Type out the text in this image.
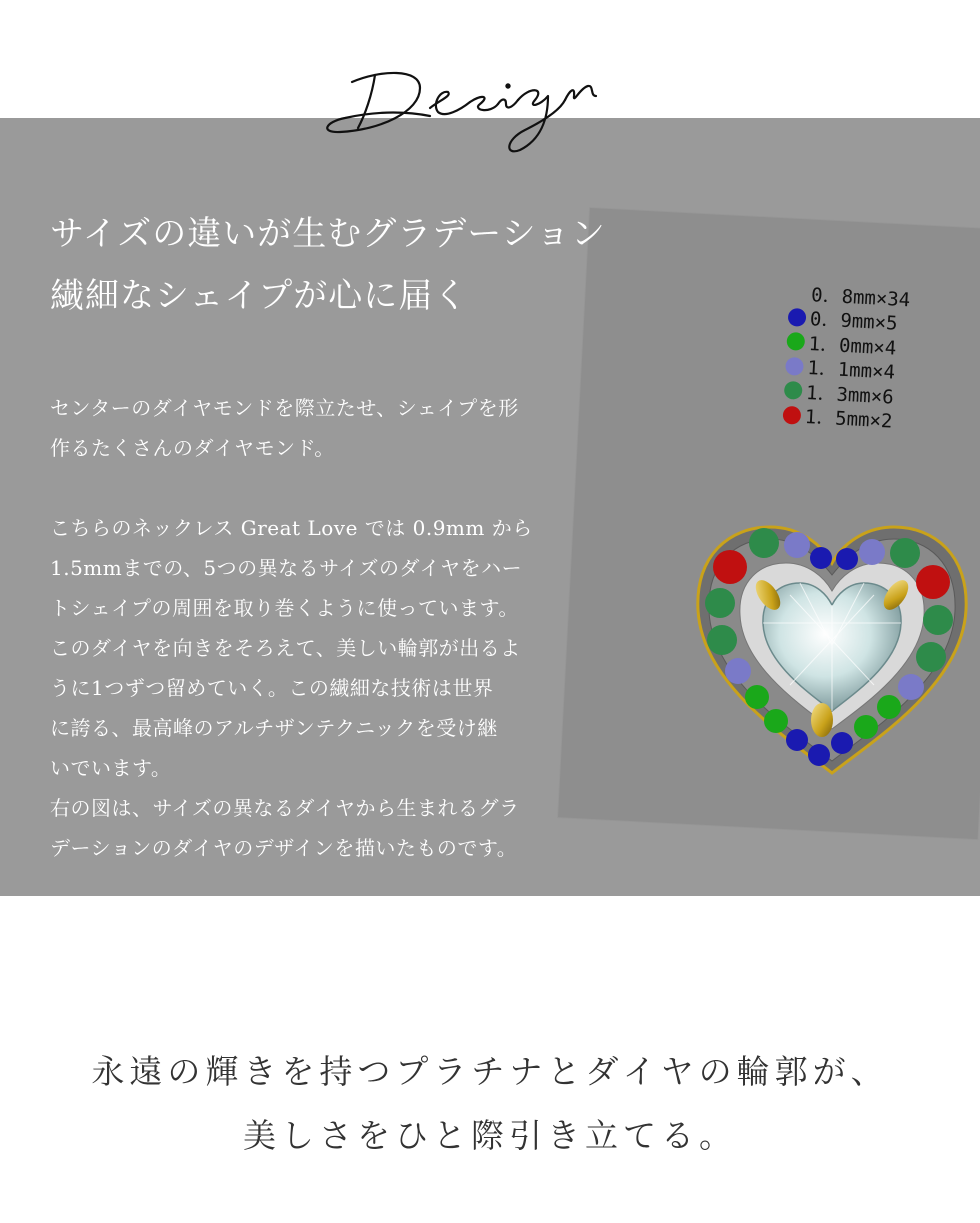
サイズの違いが生むグラデーション
繊細なシェイプが心に届く

センターのダイヤモンドを際立たせ、シェイプを形

作るたくさんのダイヤモンド。

こちらのネックレス Great Love では 0.9mm から

1.5mmまでの、5つの異なるサイズのダイヤをハー

トシェイプの周囲を取り巻くように使っています。

このダイヤを向きをそろえて、美しい輪郭が出るよ

うに1つずつ留めていく。この繊細な技術は世界

に誇る、最高峰のアルチザンテクニックを受け継

いでいます。

右の図は、サイズの異なるダイヤから生まれるグラ

デーションのダイヤのデザインを描いたものです。

0．8mm×34
0．9mm×5
1．0mm×4
1．1mm×4
1．3mm×6
1．5mm×2
永遠の輝きを持つプラチナとダイヤの輪郭が、
美しさをひと際引き立てる。
